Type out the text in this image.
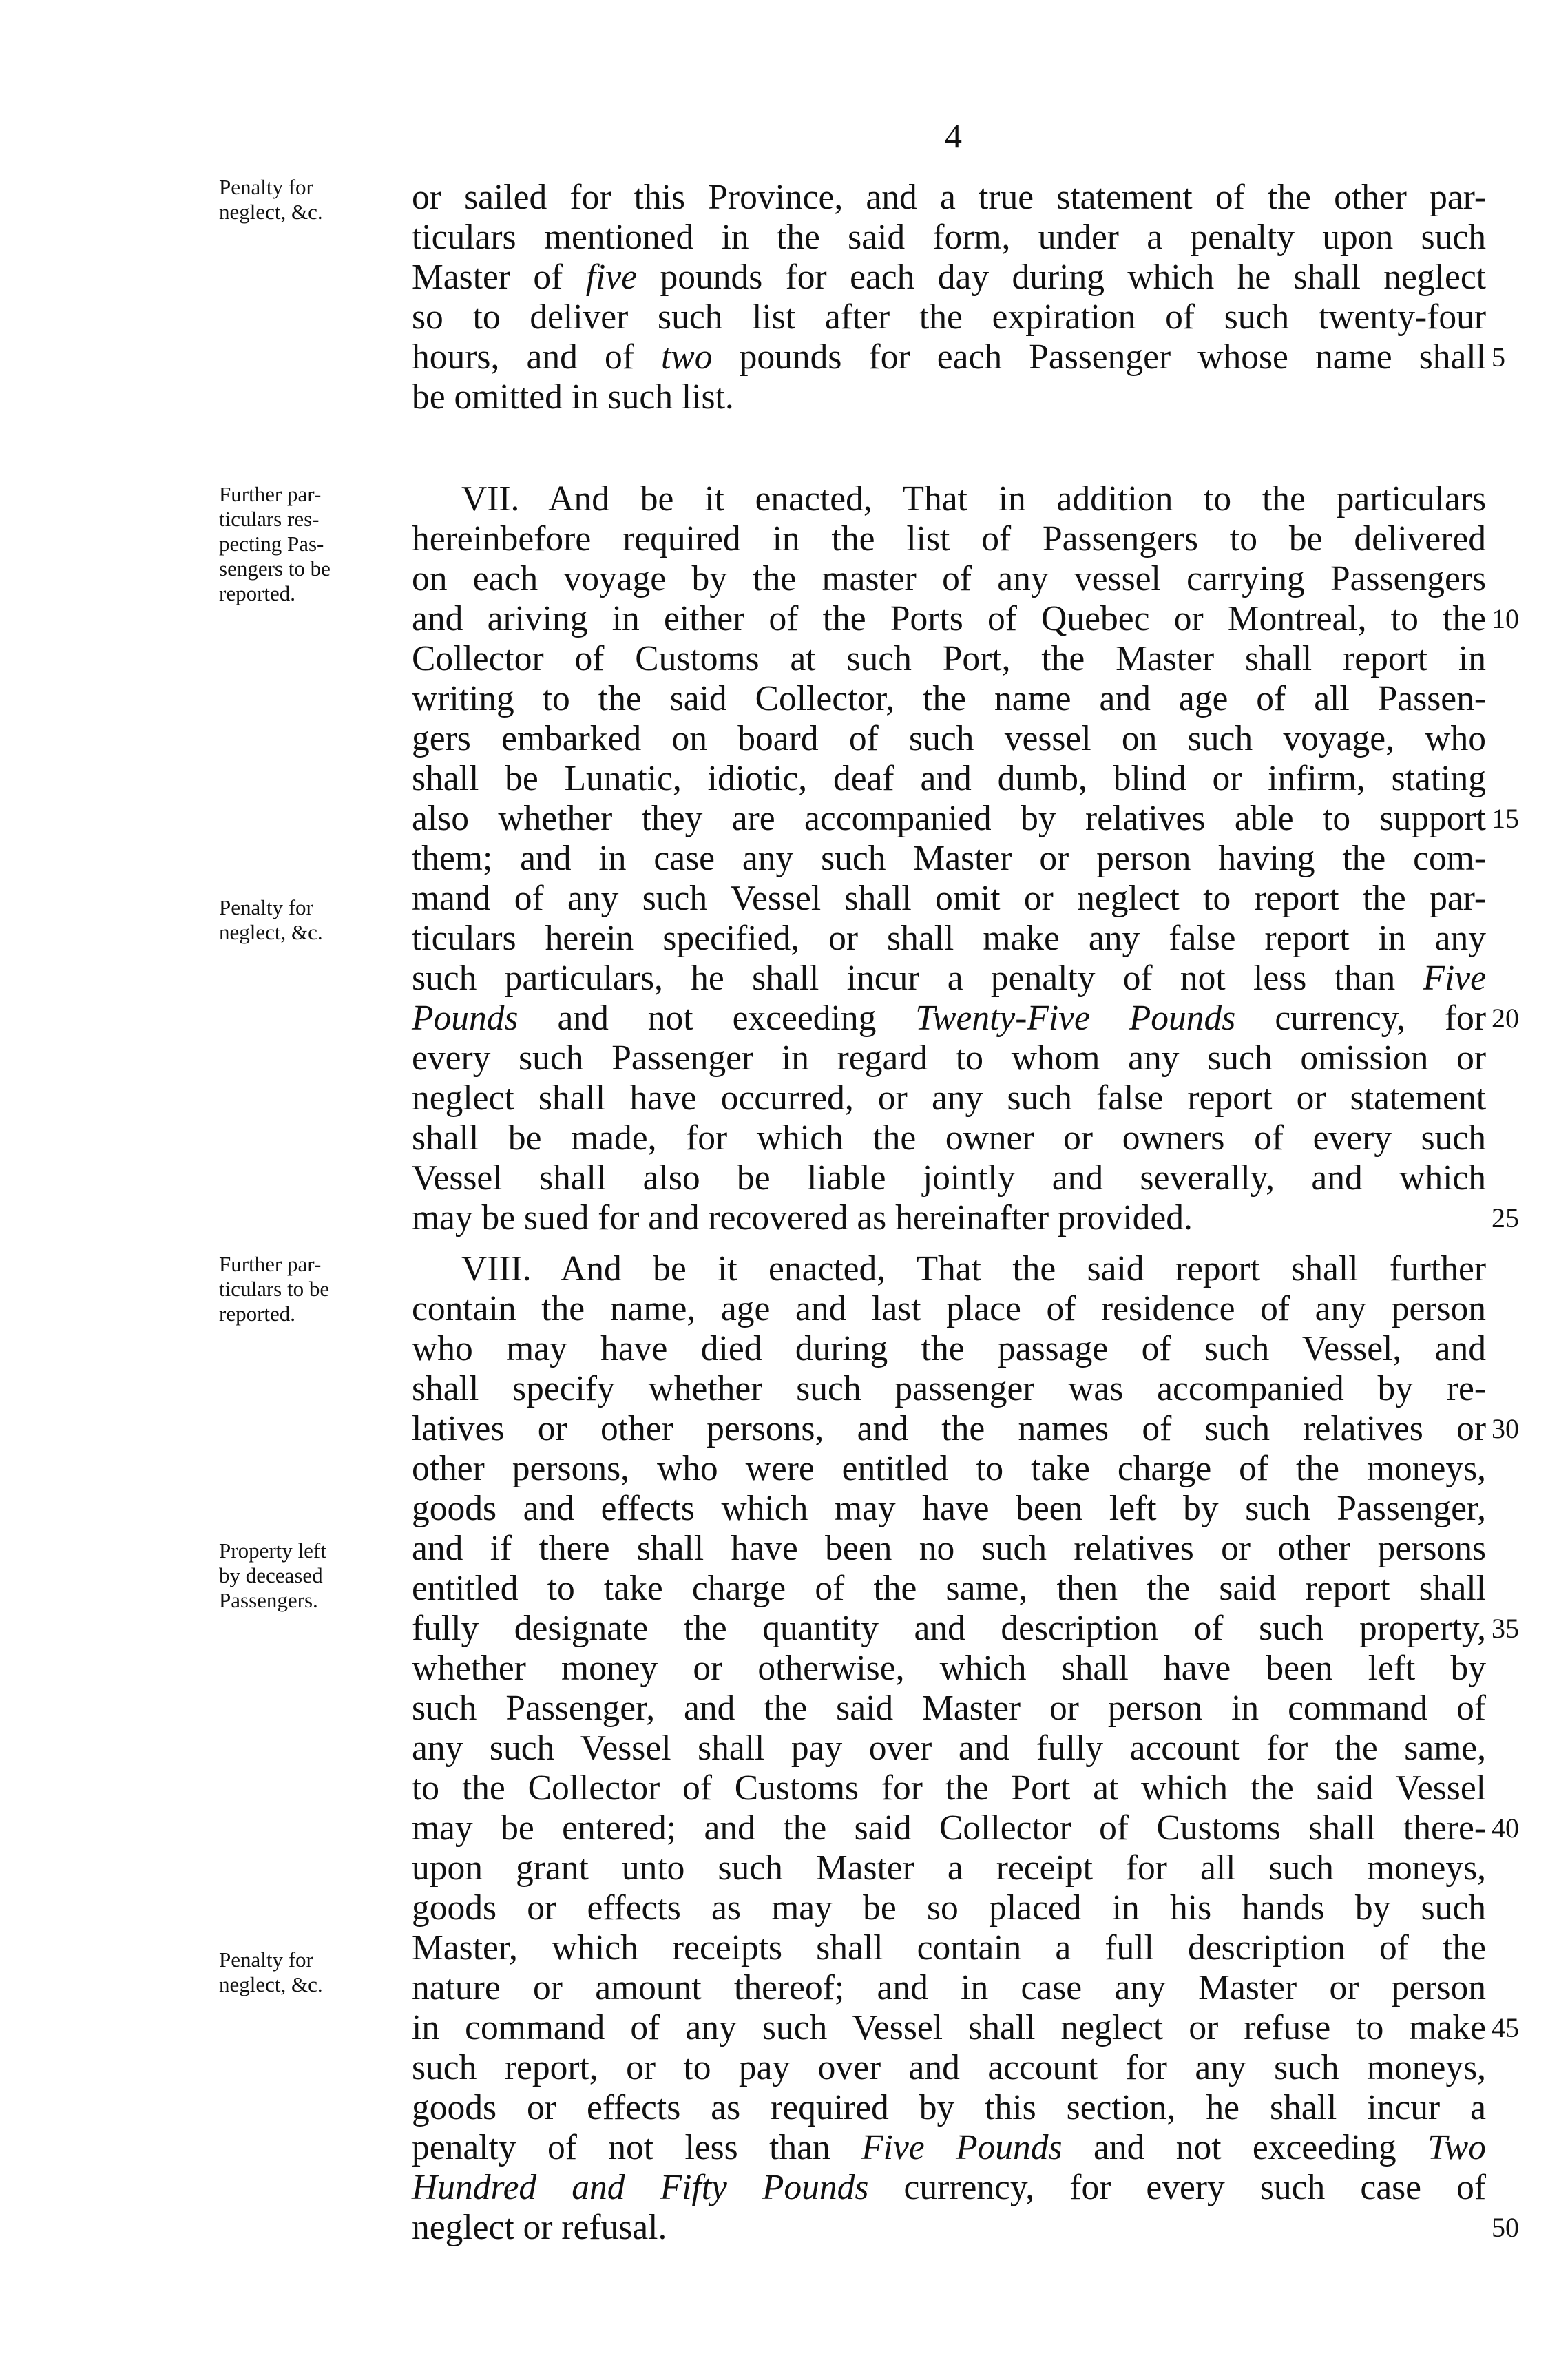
4
Penalty for
neglect, &c.
Further par-
ticulars res-
pecting Pas-
sengers to be
reported.
Penalty for
neglect, &c.
Further par-
ticulars to be
reported.
Property left
by deceased
Passengers.
Penalty for
neglect, &c.
or sailed for this Province, and a true statement of the other par-
ticulars mentioned in the said form, under a penalty upon such
Master of five pounds for each day during which he shall neglect
so to deliver such list after the expiration of such twenty-four
hours, and of two pounds for each Passenger whose name shall
be omitted in such list.
VII. And be it enacted, That in addition to the particulars
hereinbefore required in the list of Passengers to be delivered
on each voyage by the master of any vessel carrying Passengers
and ariving in either of the Ports of Quebec or Montreal, to the
Collector of Customs at such Port, the Master shall report in
writing to the said Collector, the name and age of all Passen-
gers embarked on board of such vessel on such voyage, who
shall be Lunatic, idiotic, deaf and dumb, blind or infirm, stating
also whether they are accompanied by relatives able to support
them; and in case any such Master or person having the com-
mand of any such Vessel shall omit or neglect to report the par-
ticulars herein specified, or shall make any false report in any
such particulars, he shall incur a penalty of not less than Five
Pounds and not exceeding Twenty-Five Pounds currency, for
every such Passenger in regard to whom any such omission or
neglect shall have occurred, or any such false report or statement
shall be made, for which the owner or owners of every such
Vessel shall also be liable jointly and severally, and which
may be sued for and recovered as hereinafter provided.
VIII. And be it enacted, That the said report shall further
contain the name, age and last place of residence of any person
who may have died during the passage of such Vessel, and
shall specify whether such passenger was accompanied by re-
latives or other persons, and the names of such relatives or
other persons, who were entitled to take charge of the moneys,
goods and effects which may have been left by such Passenger,
and if there shall have been no such relatives or other persons
entitled to take charge of the same, then the said report shall
fully designate the quantity and description of such property,
whether money or otherwise, which shall have been left by
such Passenger, and the said Master or person in command of
any such Vessel shall pay over and fully account for the same,
to the Collector of Customs for the Port at which the said Vessel
may be entered; and the said Collector of Customs shall there-
upon grant unto such Master a receipt for all such moneys,
goods or effects as may be so placed in his hands by such
Master, which receipts shall contain a full description of the
nature or amount thereof; and in case any Master or person
in command of any such Vessel shall neglect or refuse to make
such report, or to pay over and account for any such moneys,
goods or effects as required by this section, he shall incur a
penalty of not less than Five Pounds and not exceeding Two
Hundred and Fifty Pounds currency, for every such case of
neglect or refusal.
5
10
15
20
25
30
35
40
45
50
